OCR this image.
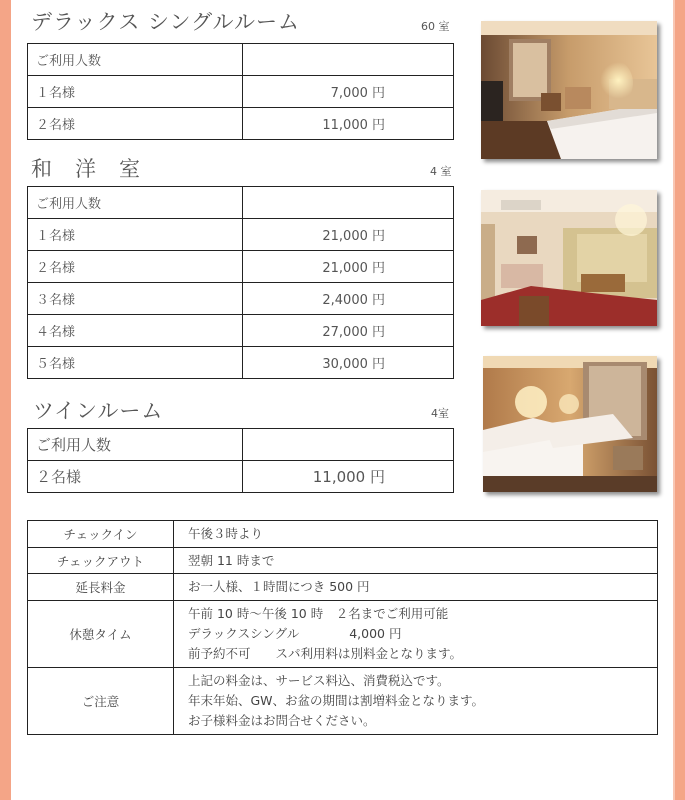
デラックス シングルルーム	60 室
ご利用人数	
１名様	7,000 円
２名様	11,000 円
和　洋　室	4 室
ご利用人数	
１名様	21,000 円
２名様	21,000 円
３名様	2,4000 円
４名様	27,000 円
５名様	30,000 円
ツインルーム	4室
ご利用人数	
２名様	11,000 円
チェックイン	午後３時より
チェックアウト	翌朝 11 時まで
延長料金	お一人様、１時間につき 500 円
休憩タイム	午前 10 時～午後 10 時　２名までご利用可能
デラックスシングル　　　　4,000 円
前予約不可　　スパ利用料は別料金となります。

ご注意	上記の料金は、サービス料込、消費税込です。
年末年始、GW、お盆の期間は割増料金となります。
お子様料金はお問合せください。
